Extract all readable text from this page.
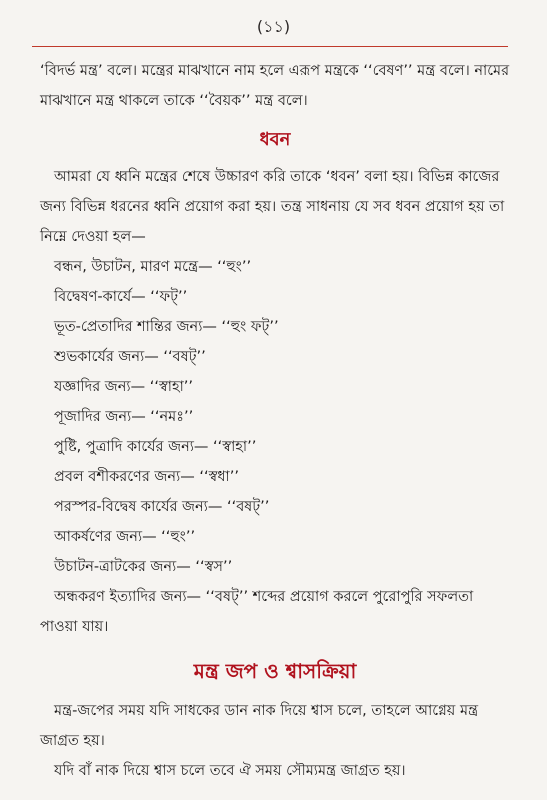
(১১)

‘বিদর্ভ মন্ত্র’ বলে। মন্ত্রের মাঝখানে নাম হলে এরূপ মন্ত্রকে ‘‘বেষণ’’ মন্ত্র বলে। নামের মাঝখানে মন্ত্র থাকলে তাকে ‘‘বৈয়ক’’ মন্ত্র বলে।

ধবন

আমরা যে ধ্বনি মন্ত্রের শেষে উচ্চারণ করি তাকে ‘ধবন’ বলা হয়। বিভিন্ন কাজের জন্য বিভিন্ন ধরনের ধ্বনি প্রয়োগ করা হয়। তন্ত্র সাধনায় যে সব ধবন প্রয়োগ হয় তা নিম্নে দেওয়া হল—

বন্ধন, উচাটন, মারণ মন্ত্রে— ‘‘হুং’’
বিদ্বেষণ-কার্যে— ‘‘ফট্’’
ভূত-প্রেতাদির শান্তির জন্য— ‘‘হুং ফট্’’
শুভকার্যের জন্য— ‘‘বষট্’’
যজ্ঞাদির জন্য— ‘‘স্বাহা’’
পূজাদির জন্য— ‘‘নমঃ’’
পুষ্টি, পুত্রাদি কার্যের জন্য— ‘‘স্বাহা’’
প্রবল বশীকরণের জন্য— ‘‘স্বধা’’
পরস্পর-বিদ্বেষ কার্যের জন্য— ‘‘বষট্’’
আকর্ষণের জন্য— ‘‘হুং’’
উচাটন-ত্রাটকের জন্য— ‘‘স্বস’’

অন্ধকরণ ইত্যাদির জন্য— ‘‘বষট্’’ শব্দের প্রয়োগ করলে পুরোপুরি সফলতা পাওয়া যায়।

মন্ত্র জপ ও শ্বাসক্রিয়া

মন্ত্র-জপের সময় যদি সাধকের ডান নাক দিয়ে শ্বাস চলে, তাহলে আগ্নেয় মন্ত্র জাগ্রত হয়।

যদি বাঁ নাক দিয়ে শ্বাস চলে তবে ঐ সময় সৌম্যমন্ত্র জাগ্রত হয়।
